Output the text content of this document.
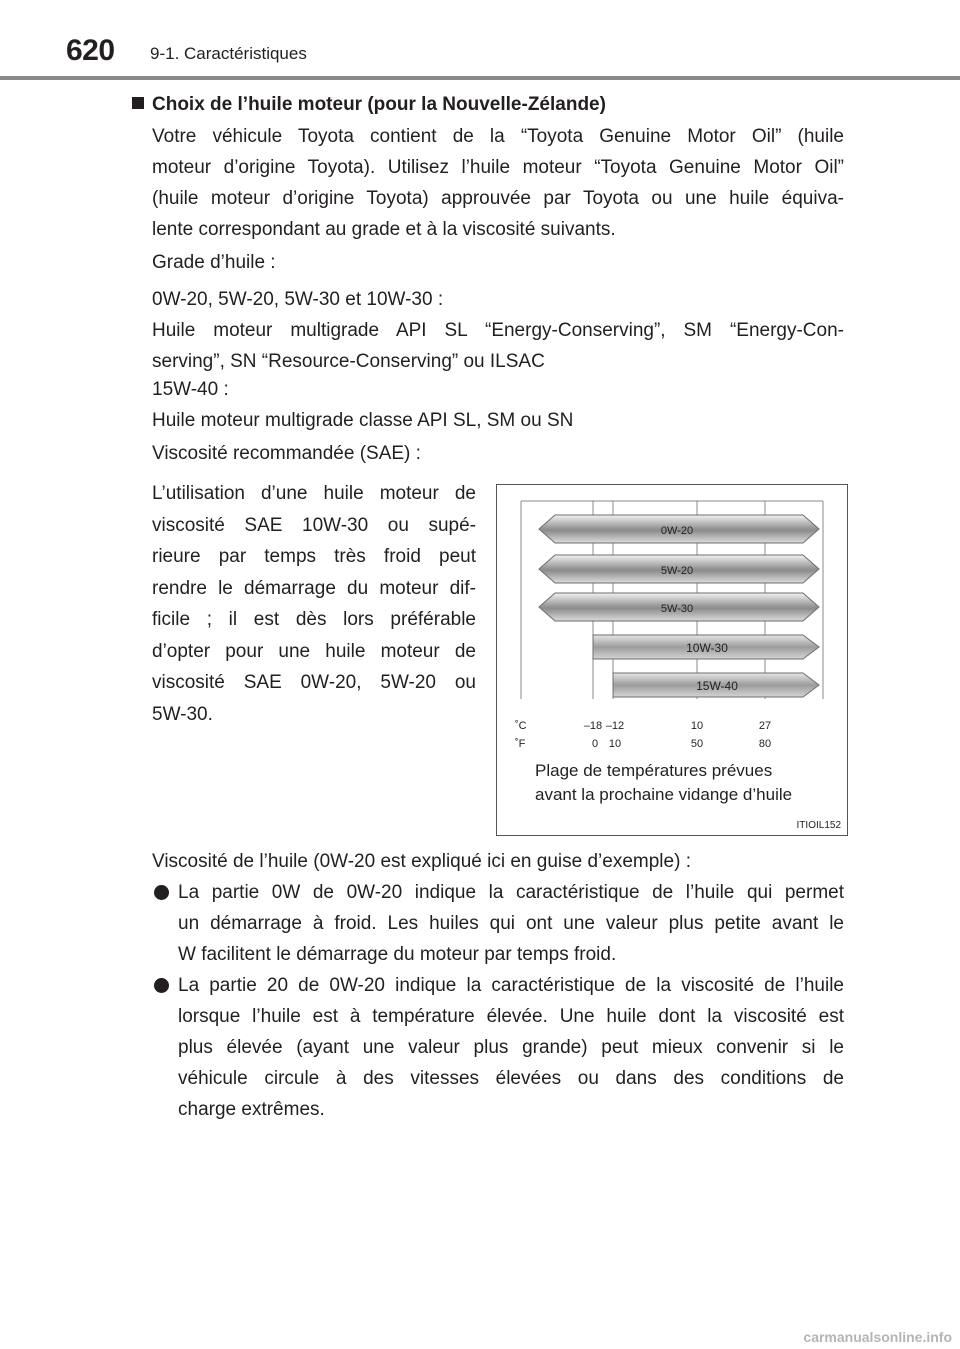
620 9-1. Caractéristiques
Choix de l’huile moteur (pour la Nouvelle-Zélande)

Votre véhicule Toyota contient de la “Toyota Genuine Motor Oil” (huile
moteur d’origine Toyota). Utilisez l’huile moteur “Toyota Genuine Motor Oil”
(huile moteur d’origine Toyota) approuvée par Toyota ou une huile équiva-
lente correspondant au grade et à la viscosité suivants.

Grade d’huile :

0W-20, 5W-20, 5W-30 et 10W-30 :
Huile moteur multigrade API SL “Energy-Conserving”, SM “Energy-Con-
serving”, SN “Resource-Conserving” ou ILSAC

15W-40 :
Huile moteur multigrade classe API SL, SM ou SN

Viscosité recommandée (SAE) :

L’utilisation d’une huile moteur de
viscosité SAE 10W-30 ou supé-
rieure par temps très froid peut
rendre le démarrage du moteur dif-
ficile ; il est dès lors préférable
d’opter pour une huile moteur de
viscosité SAE 0W-20, 5W-20 ou
5W-30.

0W-20
5W-20
5W-30
10W-30
15W-40
˚C	–18 –12	10	27
˚F	0 10	50	80
Plage de températures prévues
avant la prochaine vidange d’huile
ITIOIL152

Viscosité de l’huile (0W-20 est expliqué ici en guise d’exemple) :

La partie 0W de 0W-20 indique la caractéristique de l’huile qui permet
un démarrage à froid. Les huiles qui ont une valeur plus petite avant le
W facilitent le démarrage du moteur par temps froid.
La partie 20 de 0W-20 indique la caractéristique de la viscosité de l’huile
lorsque l’huile est à température élevée. Une huile dont la viscosité est
plus élevée (ayant une valeur plus grande) peut mieux convenir si le
véhicule circule à des vitesses élevées ou dans des conditions de
charge extrêmes.
carmanualsonline.info
